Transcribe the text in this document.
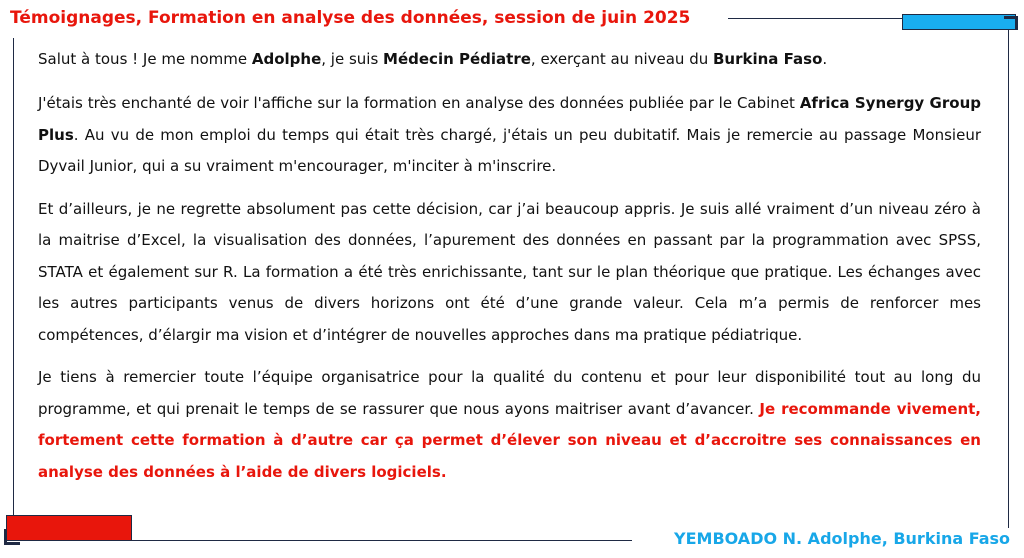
Témoignages, Formation en analyse des données, session de juin 2025

Salut à tous ! Je me nomme Adolphe, je suis Médecin Pédiatre, exerçant au niveau du Burkina Faso.

J'étais très enchanté de voir l'affiche sur la formation en analyse des données publiée par le Cabinet Africa Synergy Group Plus. Au vu de mon emploi du temps qui était très chargé, j'étais un peu dubitatif. Mais je remercie au passage Monsieur Dyvail Junior, qui a su vraiment m'encourager, m'inciter à m'inscrire.

Et d’ailleurs, je ne regrette absolument pas cette décision, car j’ai beaucoup appris. Je suis allé vraiment d’un niveau zéro à la maitrise d’Excel, la visualisation des données, l’apurement des données en passant par la programmation avec SPSS, STATA et également sur R. La formation a été très enrichissante, tant sur le plan théorique que pratique. Les échanges avec les autres participants venus de divers horizons ont été d’une grande valeur. Cela m’a permis de renforcer mes compétences, d’élargir ma vision et d’intégrer de nouvelles approches dans ma pratique pédiatrique.

Je tiens à remercier toute l’équipe organisatrice pour la qualité du contenu et pour leur disponibilité tout au long du programme, et qui prenait le temps de se rassurer que nous ayons maitriser avant d’avancer. Je recommande vivement, fortement cette formation à d’autre car ça permet d’élever son niveau et d’accroitre ses connaissances en analyse des données à l’aide de divers logiciels.

YEMBOADO N. Adolphe, Burkina Faso
